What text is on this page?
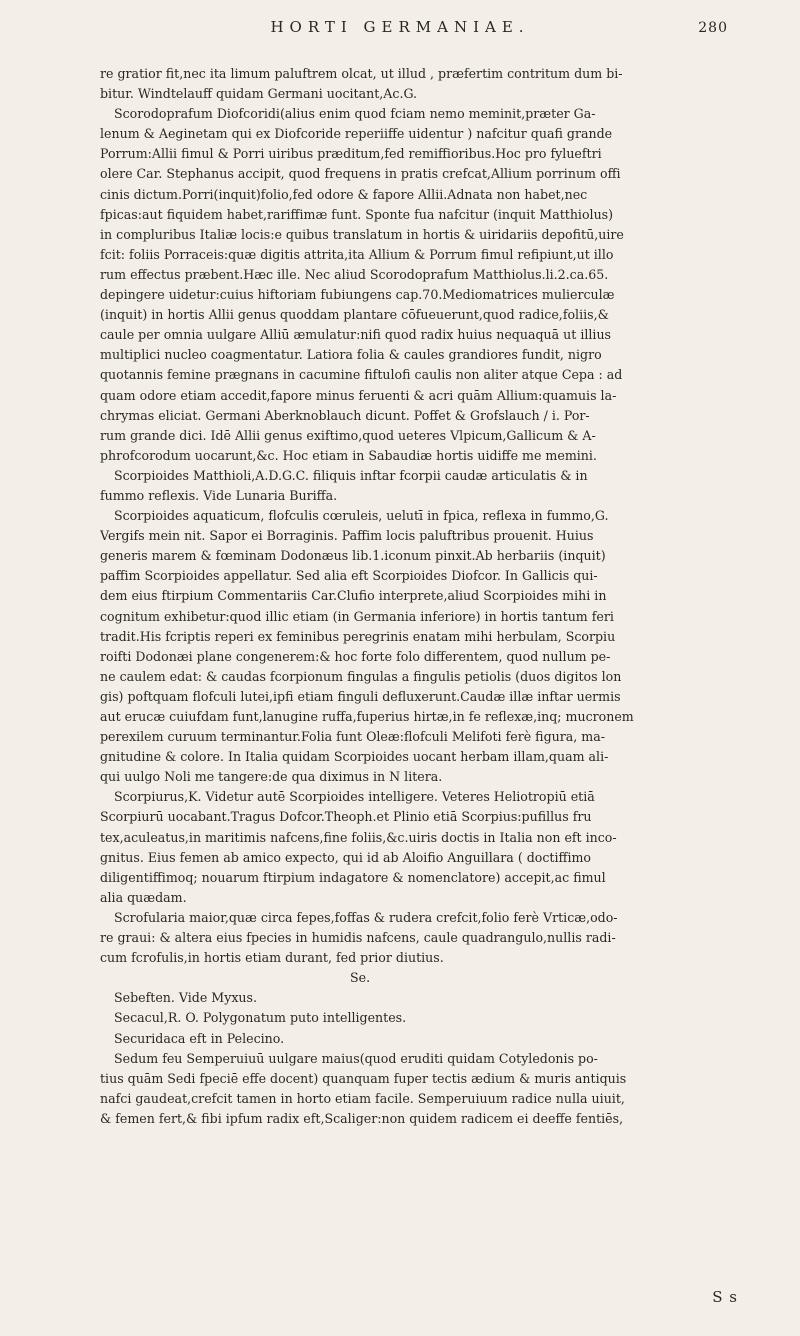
HORTI GERMANIAE.	280
re gratior fit,nec ita limum paluftrem olcat, ut illud , præfertim contritum dum bi-
bitur. Windtelauff quidam Germani uocitant,Ac.G.
Scorodoprafum Diofcoridi(alius enim quod fciam nemo meminit,præter Ga-
lenum & Aeginetam qui ex Diofcoride reperiiffe uidentur ) nafcitur quafi grande
Porrum:Allii fimul & Porri uiribus præditum,fed remiffioribus.Hoc pro fylueftri
olere Car. Stephanus accipit, quod frequens in pratis crefcat,Allium porrinum offi
cinis dictum.Porri(inquit)folio,fed odore & fapore Allii.Adnata non habet,nec
fpicas:aut fiquidem habet,rariffimæ funt. Sponte fua nafcitur (inquit Matthiolus)
in compluribus Italiæ locis:e quibus translatum in hortis & uiridariis depofitū,uire
fcit: foliis Porraceis:quæ digitis attrita,ita Allium & Porrum fimul refipiunt,ut illo
rum effectus præbent.Hæc ille. Nec aliud Scorodoprafum Matthiolus.li.2.ca.65.
depingere uidetur:cuius hiftoriam fubiungens cap.70.Mediomatrices mulierculæ
(inquit) in hortis Allii genus quoddam plantare cōfueuerunt,quod radice,foliis,&
caule per omnia uulgare Alliū æmulatur:nifi quod radix huius nequaquā ut illius
multiplici nucleo coagmentatur. Latiora folia & caules grandiores fundit, nigro
quotannis femine prægnans in cacumine fiftulofi caulis non aliter atque Cepa : ad
quam odore etiam accedit,fapore minus feruenti & acri quām Allium:quamuis la-
chrymas eliciat. Germani Aberknoblauch dicunt. Poffet & Grofslauch / i. Por-
rum grande dici. Idē Allii genus exiftimo,quod ueteres Vlpicum,Gallicum & A-
phrofcorodum uocarunt,&c. Hoc etiam in Sabaudiæ hortis uidiffe me memini.
Scorpioides Matthioli,A.D.G.C. filiquis inftar fcorpii caudæ articulatis & in
fummo reflexis. Vide Lunaria Buriffa.
Scorpioides aquaticum, flofculis cœruleis, uelutī in fpica, reflexa in fummo,G.
Vergifs mein nit. Sapor ei Borraginis. Paffim locis paluftribus prouenit. Huius
generis marem & fœminam Dodonæus lib.1.iconum pinxit.Ab herbariis (inquit)
paffim Scorpioides appellatur. Sed alia eft Scorpioides Diofcor. In Gallicis qui-
dem eius ftirpium Commentariis Car.Clufio interprete,aliud Scorpioides mihi in
cognitum exhibetur:quod illic etiam (in Germania inferiore) in hortis tantum feri
tradit.His fcriptis reperi ex feminibus peregrinis enatam mihi herbulam, Scorpiu
roifti Dodonæi plane congenerem:& hoc forte folo differentem, quod nullum pe-
ne caulem edat: & caudas fcorpionum fingulas a fingulis petiolis (duos digitos lon
gis) poftquam flofculi lutei,ipfi etiam finguli defluxerunt.Caudæ illæ inftar uermis
aut erucæ cuiufdam funt,lanugine ruffa,fuperius hirtæ,in fe reflexæ,inq; mucronem
perexilem curuum terminantur.Folia funt Oleæ:flofculi Melifoti ferè figura, ma-
gnitudine & colore. In Italia quidam Scorpioides uocant herbam illam,quam ali-
qui uulgo Noli me tangere:de qua diximus in N litera.
Scorpiurus,K. Videtur autē Scorpioides intelligere. Veteres Heliotropiū etiā
Scorpiurū uocabant.Tragus Dofcor.Theoph.et Plinio etiā Scorpius:pufillus fru
tex,aculeatus,in maritimis nafcens,fine foliis,&c.uiris doctis in Italia non eft inco-
gnitus. Eius femen ab amico expecto, qui id ab Aloifio Anguillara ( doctiffimo
diligentiffimoq; nouarum ftirpium indagatore & nomenclatore) accepit,ac fimul
alia quædam.
Scrofularia maior,quæ circa fepes,foffas & rudera crefcit,folio ferè Vrticæ,odo-
re graui: & altera eius fpecies in humidis nafcens, caule quadrangulo,nullis radi-
cum fcrofulis,in hortis etiam durant, fed prior diutius.
Se.
Sebeften. Vide Myxus.
Secacul,R. O. Polygonatum puto intelligentes.
Securidaca eft in Pelecino.
Sedum feu Semperuiuū uulgare maius(quod eruditi quidam Cotyledonis po-
tius quām Sedi fpeciē effe docent) quanquam fuper tectis ædium & muris antiquis
nafci gaudeat,crefcit tamen in horto etiam facile. Semperuiuum radice nulla uiuit,
& femen fert,& fibi ipfum radix eft,Scaliger:non quidem radicem ei deeffe fentiēs,
S s
